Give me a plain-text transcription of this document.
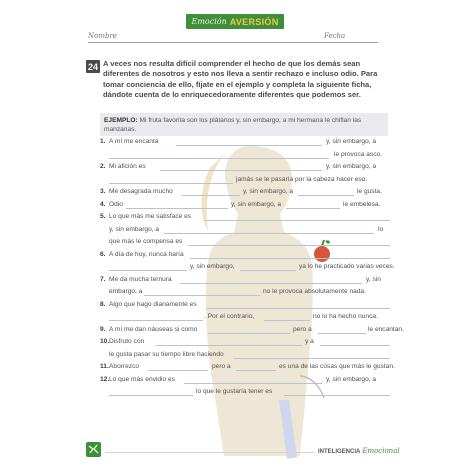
Emoción AVERSIÓN
Nombre	Fecha
24 A veces nos resulta difícil comprender el hecho de que los demás sean diferentes de nosotros y esto nos lleva a sentir rechazo e incluso odio. Para tomar conciencia de ello, fíjate en el ejemplo y completa la siguiente ficha, dándote cuenta de lo enriquecedoramente diferentes que podemos ser.
EJEMPLO: Mi fruta favorita son los plátanos y, sin embargo, a mi hermana le chiflan las manzanas.
1. A mí me encanta	y, sin embargo, a
le provoca asco.
2. Mi afición es	y, sin embargo, a
jamás se le pasaría por la cabeza hacer eso.
3. Me desagrada mucho	y, sin embargo, a	le gusta.
4. Odio	y, sin embargo, a	le embelesa.
5. Lo que más me satisface es
y, sin embargo, a	lo
que más le compensa es
6. A día de hoy, nunca haría
y, sin embargo,	ya lo he practicado varias veces.
7. Me da mucha ternura	y, sin
embargo, a	no le provoca absolutamente nada.
8. Algo que hago diariamente es
. Por el contrario,	no lo ha hecho nunca.
9. A mí me dan náuseas si como	pero a	le encantan.
10. Disfruto con	y a
le gusta pasar su tiempo libre haciendo
11. Aborrezco	pero a	es una de las cosas que más le gustan.
12. Lo que más envidio es	y, sin embargo, a
lo que le gustaría tener es
INTELIGENCIA Emocional
